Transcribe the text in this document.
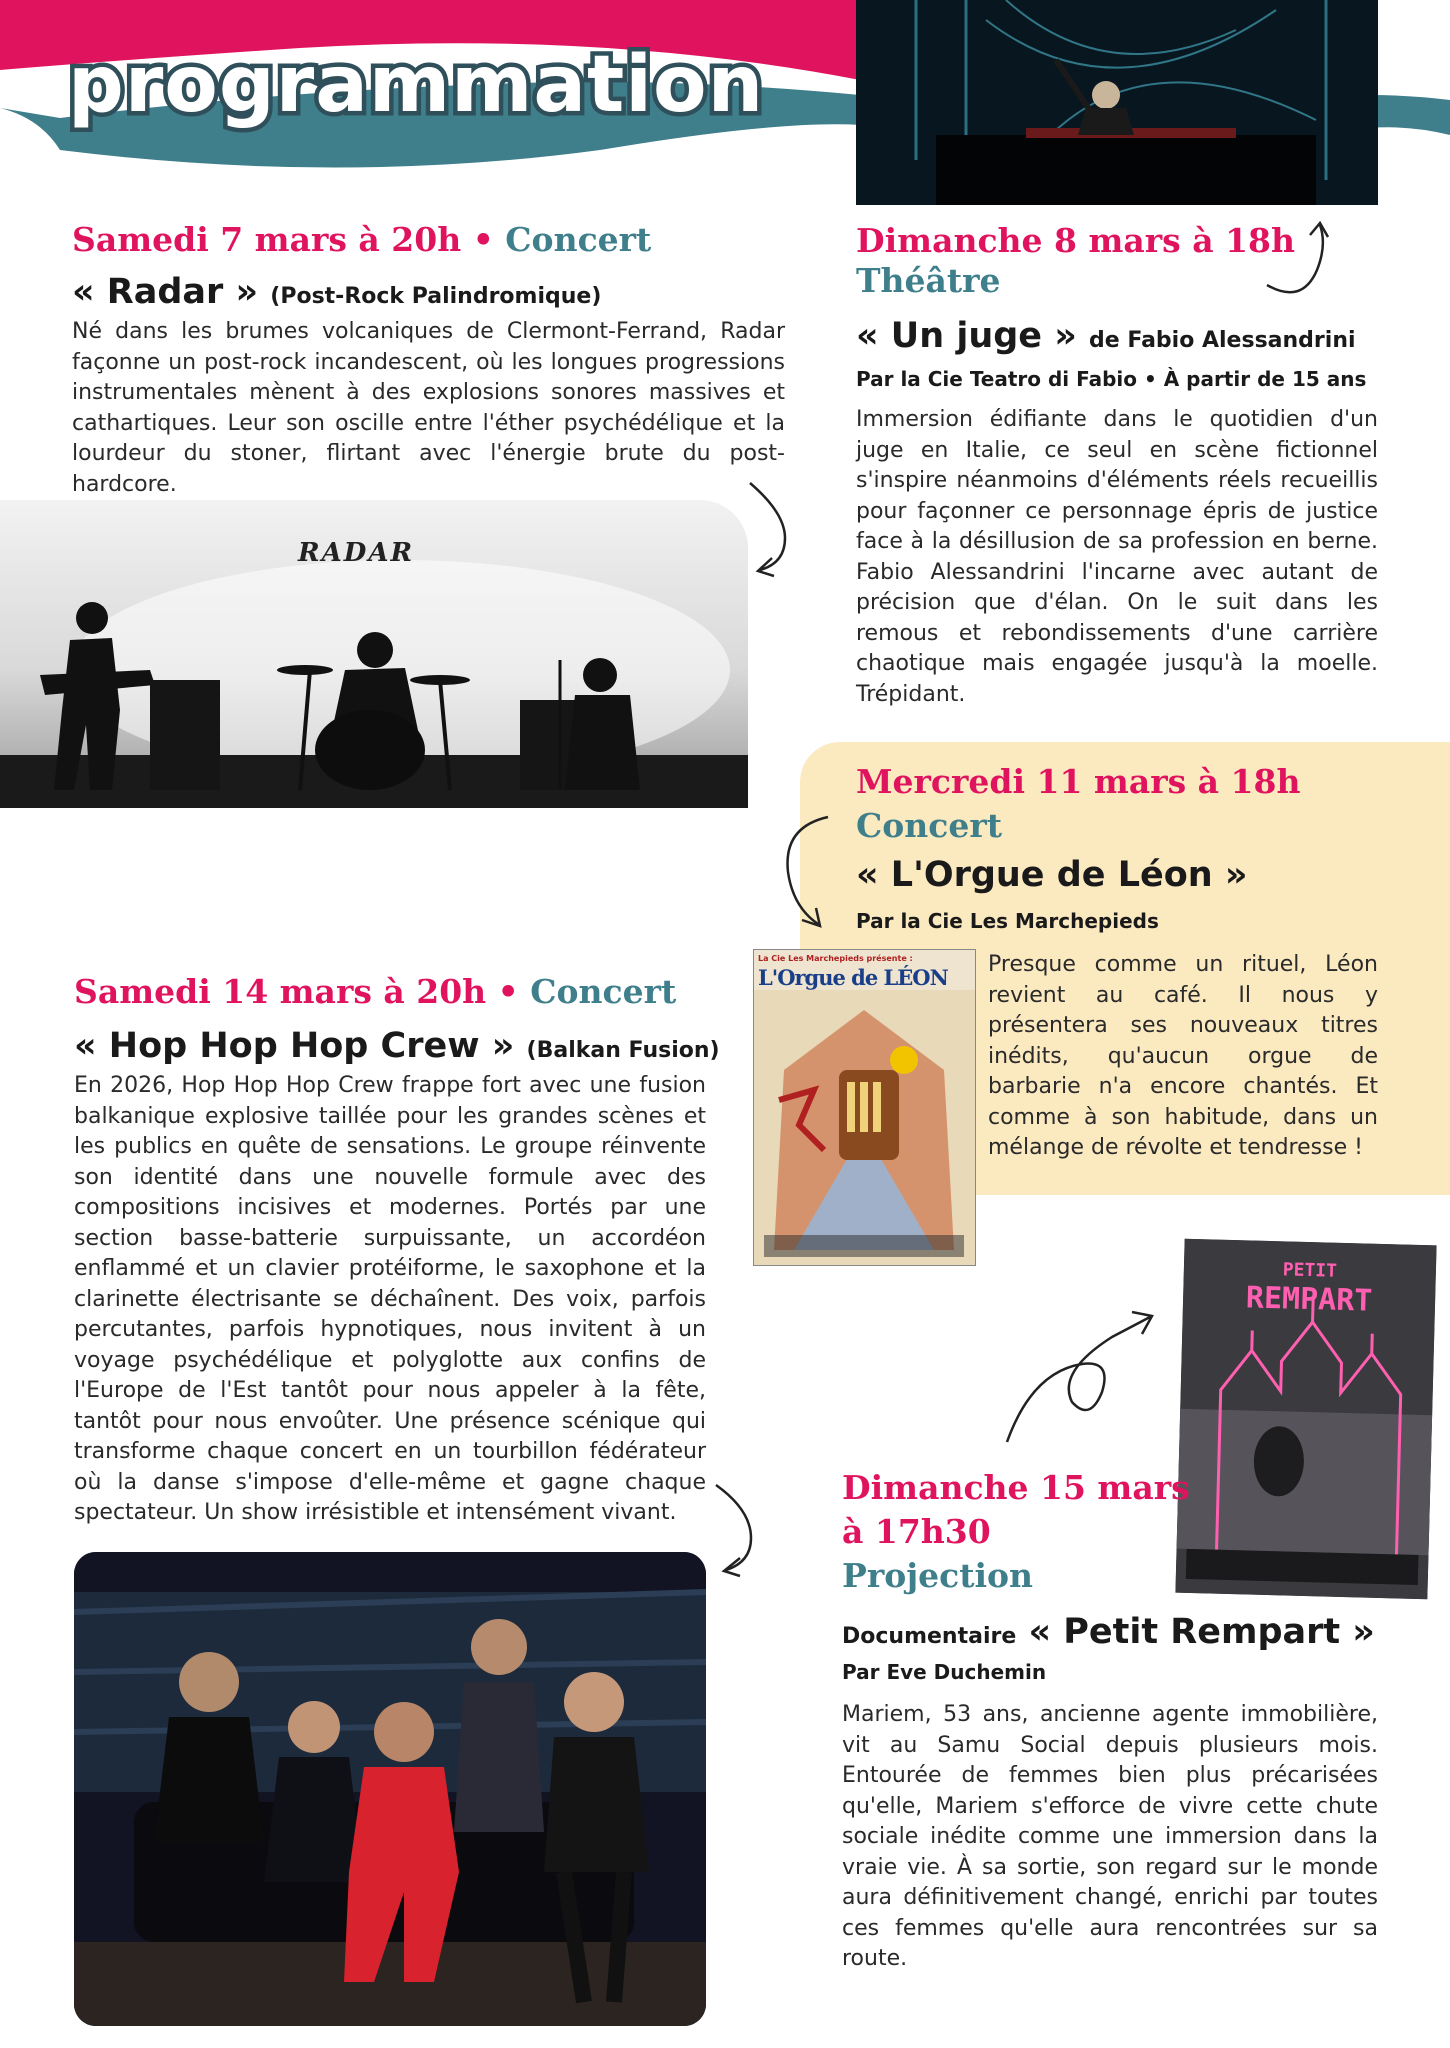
programmation
Samedi 7 mars à 20h • Concert
« Radar » (Post-Rock Palindromique)
Né dans les brumes volcaniques de Clermont-Ferrand, Radar façonne un post-rock incandescent, où les longues progressions instrumentales mènent à des explosions sonores massives et cathartiques. Leur son oscille entre l'éther psychédélique et la lourdeur du stoner, flirtant avec l'énergie brute du post-hardcore.
RADAR
Dimanche 8 mars à 18h
Théâtre
« Un juge » de Fabio Alessandrini
Par la Cie Teatro di Fabio • À partir de 15 ans
Immersion édifiante dans le quotidien d'un juge en Italie, ce seul en scène fictionnel s'inspire néanmoins d'éléments réels recueillis pour façonner ce personnage épris de justice face à la désillusion de sa profession en berne. Fabio Alessandrini l'incarne avec autant de précision que d'élan. On le suit dans les remous et rebondissements d'une carrière chaotique mais engagée jusqu'à la moelle. Trépidant.
Mercredi 11 mars à 18h
Concert
« L'Orgue de Léon »
Par la Cie Les Marchepieds
Presque comme un rituel, Léon revient au café. Il nous y présentera ses nouveaux titres inédits, qu'aucun orgue de barbarie n'a encore chantés. Et comme à son habitude, dans un mélange de révolte et tendresse !
La Cie Les Marchepieds présente :
L'Orgue de LÉON
Samedi 14 mars à 20h • Concert
« Hop Hop Hop Crew » (Balkan Fusion)
En 2026, Hop Hop Hop Crew frappe fort avec une fusion balkanique explosive taillée pour les grandes scènes et les publics en quête de sensations. Le groupe réinvente son identité dans une nouvelle formule avec des compositions incisives et modernes. Portés par une section basse-batterie surpuissante, un accordéon enflammé et un clavier protéiforme, le saxophone et la clarinette électrisante se déchaînent. Des voix, parfois percutantes, parfois hypnotiques, nous invitent à un voyage psychédélique et polyglotte aux confins de l'Europe de l'Est tantôt pour nous appeler à la fête, tantôt pour nous envoûter. Une présence scénique qui transforme chaque concert en un tourbillon fédérateur où la danse s'impose d'elle-même et gagne chaque spectateur. Un show irrésistible et intensément vivant.
PETIT
REMPART
Dimanche 15 mars
à 17h30
Projection
Documentaire « Petit Rempart »
Par Eve Duchemin
Mariem, 53 ans, ancienne agente immobilière, vit au Samu Social depuis plusieurs mois. Entourée de femmes bien plus précarisées qu'elle, Mariem s'efforce de vivre cette chute sociale inédite comme une immersion dans la vraie vie. À sa sortie, son regard sur le monde aura définitivement changé, enrichi par toutes ces femmes qu'elle aura rencontrées sur sa route.
